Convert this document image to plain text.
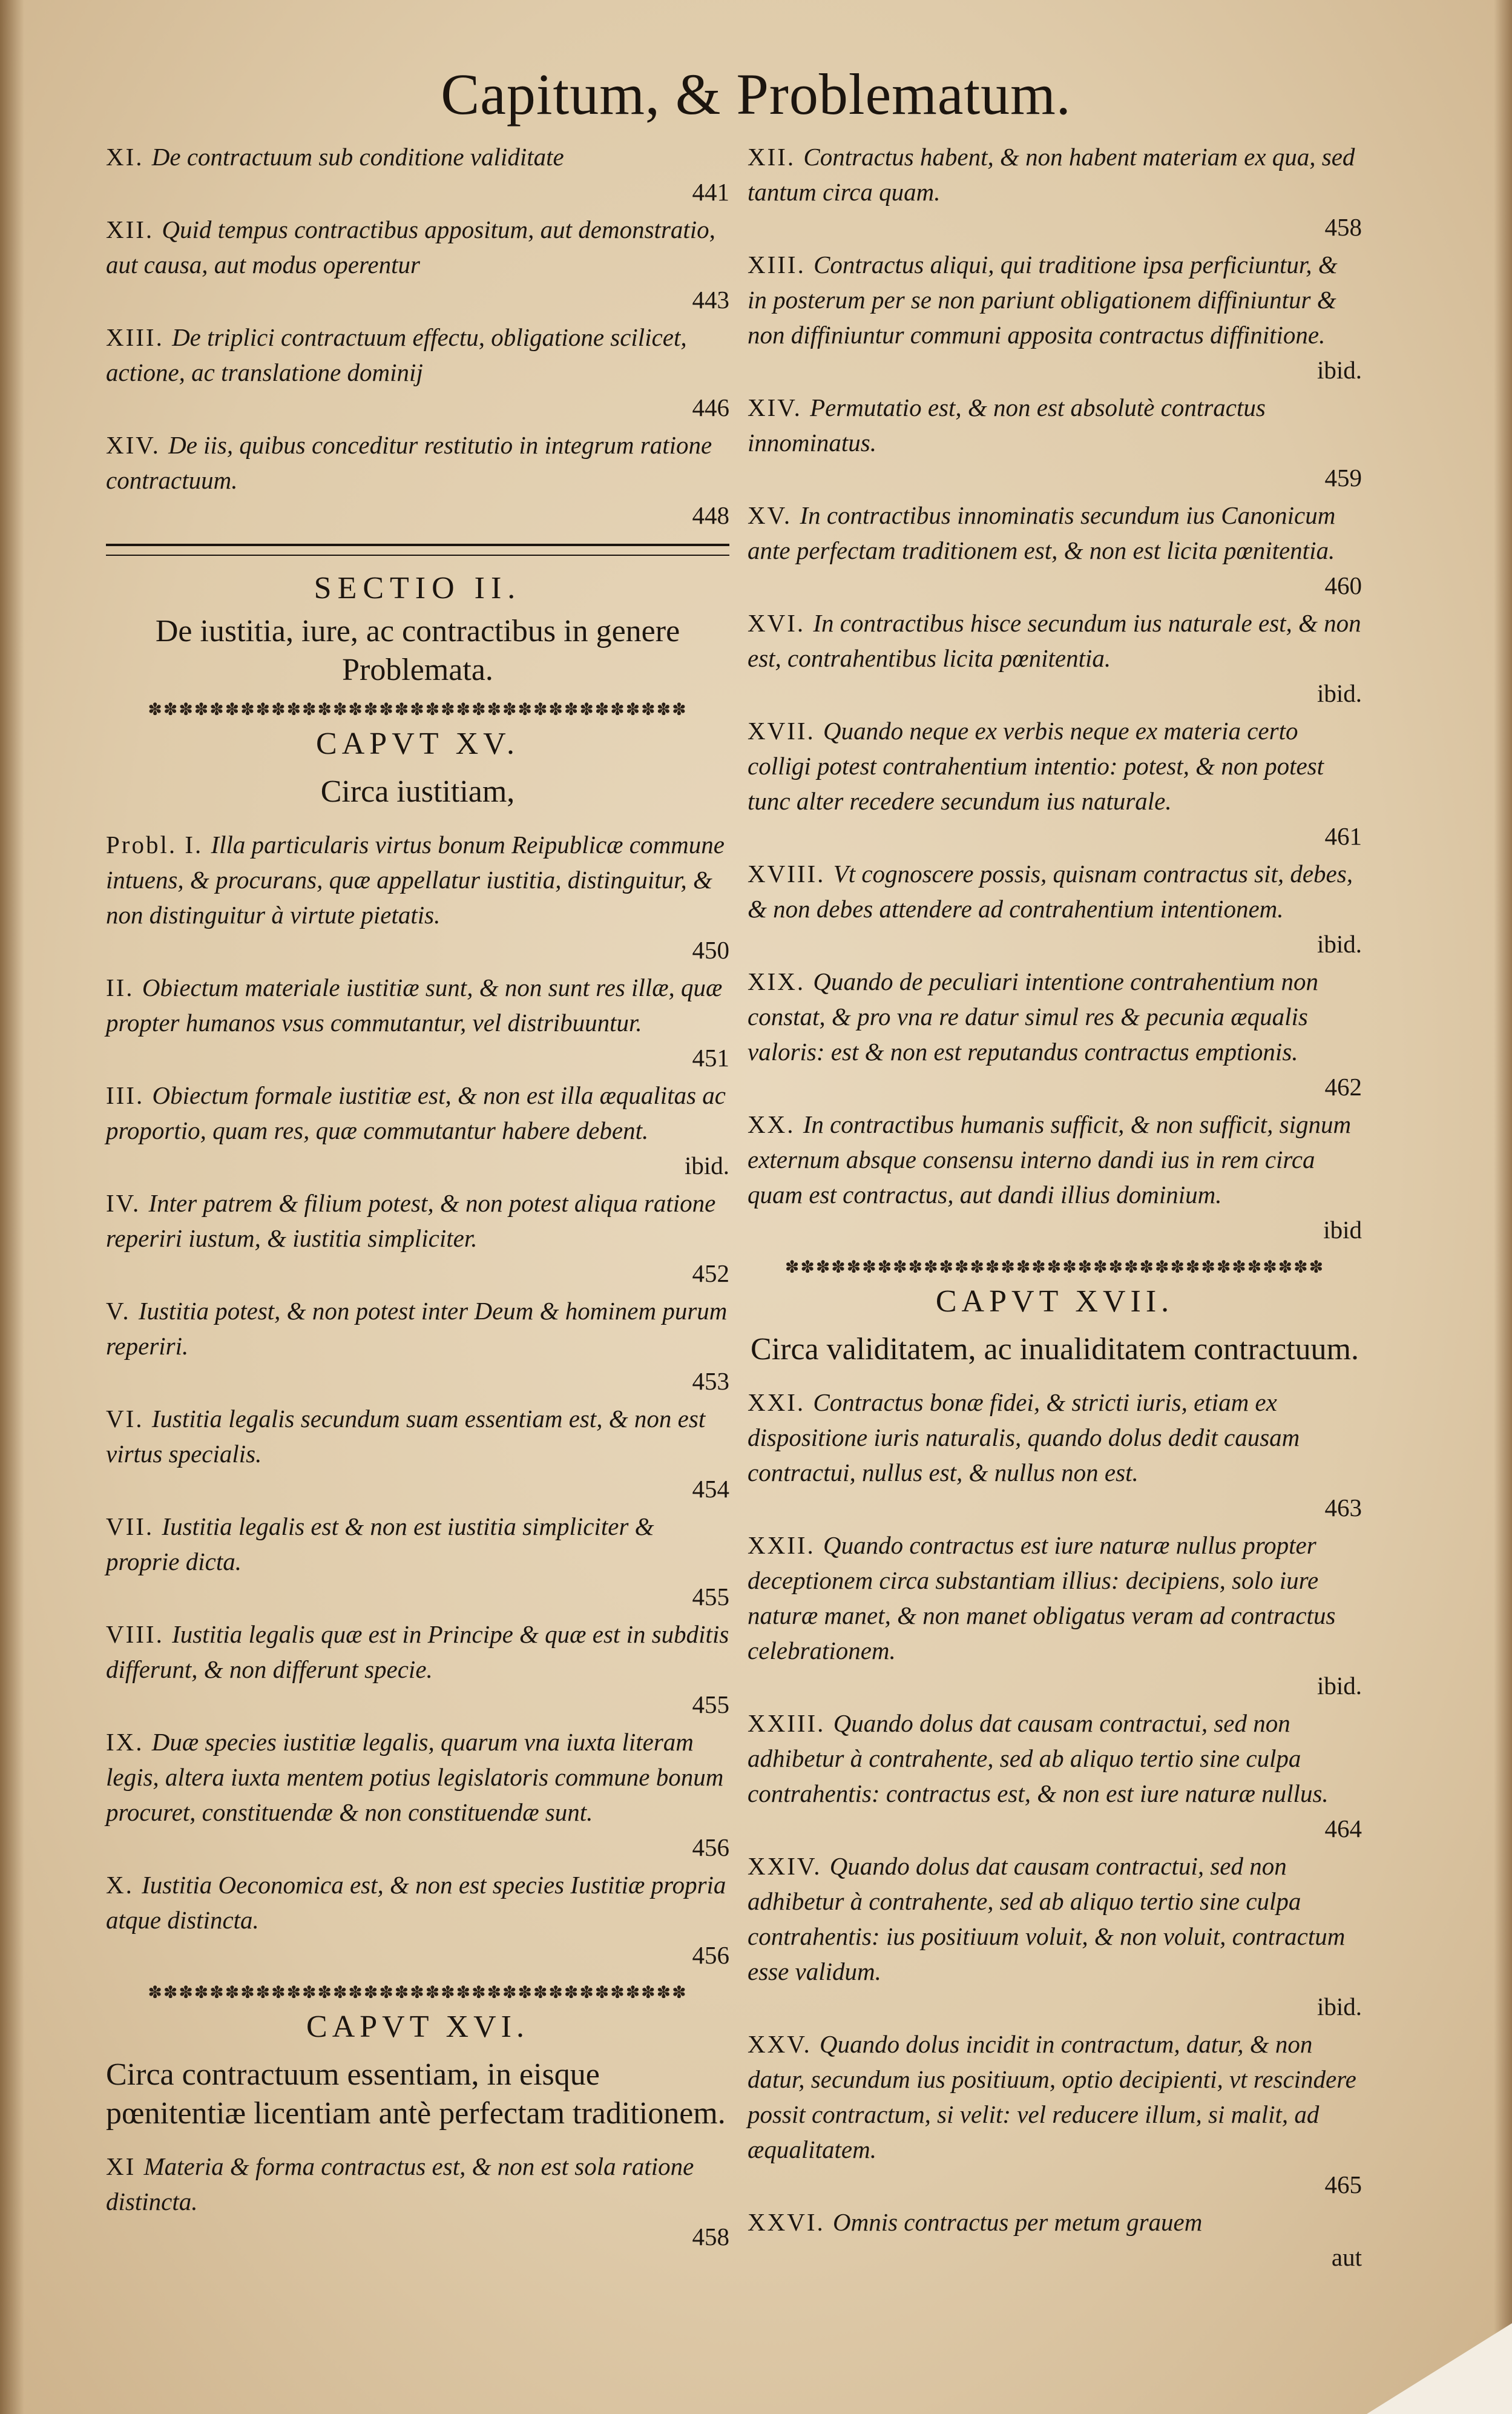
Capitum, & Problematum.
XI. De contractuum sub conditione validitate
441
XII. Quid tempus contractibus appositum, aut demonstratio, aut causa, aut modus operentur
443
XIII. De triplici contractuum effectu, obligatione scilicet, actione, ac translatione dominij
446
XIV. De iis, quibus conceditur restitutio in integrum ratione contractuum.
448
SECTIO II.
De iustitia, iure, ac contractibus in genere Problemata.
✽✽✽✽✽✽✽✽✽✽✽✽✽✽✽✽✽✽✽✽✽✽✽✽✽✽✽✽✽✽✽✽✽✽✽
CAPVT XV.
Circa iustitiam,
Probl. I. Illa particularis virtus bonum Reipublicæ commune intuens, & procurans, quæ appellatur iustitia, distinguitur, & non distinguitur à virtute pietatis.
450
II. Obiectum materiale iustitiæ sunt, & non sunt res illæ, quæ propter humanos vsus commutantur, vel distribuuntur.
451
III. Obiectum formale iustitiæ est, & non est illa æqualitas ac proportio, quam res, quæ commutantur habere debent.
ibid.
IV. Inter patrem & filium potest, & non potest aliqua ratione reperiri iustum, & iustitia simpliciter.
452
V. Iustitia potest, & non potest inter Deum & hominem purum reperiri.
453
VI. Iustitia legalis secundum suam essentiam est, & non est virtus specialis.
454
VII. Iustitia legalis est & non est iustitia simpliciter & proprie dicta.
455
VIII. Iustitia legalis quæ est in Principe & quæ est in subditis differunt, & non differunt specie.
455
IX. Duæ species iustitiæ legalis, quarum vna iuxta literam legis, altera iuxta mentem potius legislatoris commune bonum procuret, constituendæ & non constituendæ sunt.
456
X. Iustitia Oeconomica est, & non est species Iustitiæ propria atque distincta.
456
✽✽✽✽✽✽✽✽✽✽✽✽✽✽✽✽✽✽✽✽✽✽✽✽✽✽✽✽✽✽✽✽✽✽✽
CAPVT XVI.
Circa contractuum essentiam, in eisque pœnitentiæ licentiam antè perfectam traditionem.
XI Materia & forma contractus est, & non est sola ratione distincta.
458
XII. Contractus habent, & non habent materiam ex qua, sed tantum circa quam.
458
XIII. Contractus aliqui, qui traditione ipsa perficiuntur, & in posterum per se non pariunt obligationem diffiniuntur & non diffiniuntur communi apposita contractus diffinitione.
ibid.
XIV. Permutatio est, & non est absolutè contractus innominatus.
459
XV. In contractibus innominatis secundum ius Canonicum ante perfectam traditionem est, & non est licita pœnitentia.
460
XVI. In contractibus hisce secundum ius naturale est, & non est, contrahentibus licita pœnitentia.
ibid.
XVII. Quando neque ex verbis neque ex materia certo colligi potest contrahentium intentio: potest, & non potest tunc alter recedere secundum ius naturale.
461
XVIII. Vt cognoscere possis, quisnam contractus sit, debes, & non debes attendere ad contrahentium intentionem.
ibid.
XIX. Quando de peculiari intentione contrahentium non constat, & pro vna re datur simul res & pecunia æqualis valoris: est & non est reputandus contractus emptionis.
462
XX. In contractibus humanis sufficit, & non sufficit, signum externum absque consensu interno dandi ius in rem circa quam est contractus, aut dandi illius dominium.
ibid
✽✽✽✽✽✽✽✽✽✽✽✽✽✽✽✽✽✽✽✽✽✽✽✽✽✽✽✽✽✽✽✽✽✽✽
CAPVT XVII.
Circa validitatem, ac inualiditatem contractuum.
XXI. Contractus bonæ fidei, & stricti iuris, etiam ex dispositione iuris naturalis, quando dolus dedit causam contractui, nullus est, & nullus non est.
463
XXII. Quando contractus est iure naturæ nullus propter deceptionem circa substantiam illius: decipiens, solo iure naturæ manet, & non manet obligatus veram ad contractus celebrationem.
ibid.
XXIII. Quando dolus dat causam contractui, sed non adhibetur à contrahente, sed ab aliquo tertio sine culpa contrahentis: contractus est, & non est iure naturæ nullus.
464
XXIV. Quando dolus dat causam contractui, sed non adhibetur à contrahente, sed ab aliquo tertio sine culpa contrahentis: ius positiuum voluit, & non voluit, contractum esse validum.
ibid.
XXV. Quando dolus incidit in contractum, datur, & non datur, secundum ius positiuum, optio decipienti, vt rescindere possit contractum, si velit: vel reducere illum, si malit, ad æqualitatem.
465
XXVI. Omnis contractus per metum grauem
aut
